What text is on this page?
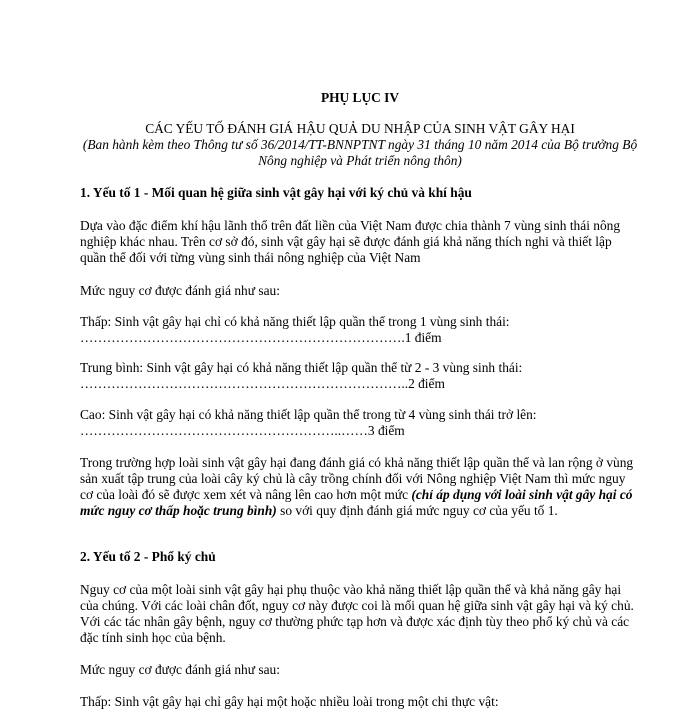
PHỤ LỤC IV

CÁC YẾU TỐ ĐÁNH GIÁ HẬU QUẢ DU NHẬP CỦA SINH VẬT GÂY HẠI

(Ban hành kèm theo Thông tư số 36/2014/TT-BNNPTNT ngày 31 tháng 10 năm 2014 của Bộ trưởng Bộ Nông nghiệp và Phát triển nông thôn)

1. Yếu tố 1 - Mối quan hệ giữa sinh vật gây hại với ký chủ và khí hậu

Dựa vào đặc điểm khí hậu lãnh thổ trên đất liền của Việt Nam được chia thành 7 vùng sinh thái nông nghiệp khác nhau. Trên cơ sở đó, sinh vật gây hại sẽ được đánh giá khả năng thích nghi và thiết lập quần thể đối với từng vùng sinh thái nông nghiệp của Việt Nam

Mức nguy cơ được đánh giá như sau:

Thấp: Sinh vật gây hại chỉ có khả năng thiết lập quần thể trong 1 vùng sinh thái:
……………………………………………………………….1 điểm
Trung bình: Sinh vật gây hại có khả năng thiết lập quần thể từ 2 - 3 vùng sinh thái:
………………………………………………………………..2 điểm
Cao: Sinh vật gây hại có khả năng thiết lập quần thể trong từ 4 vùng sinh thái trở lên:
…………………………………………………..……3 điểm

Trong trường hợp loài sinh vật gây hại đang đánh giá có khả năng thiết lập quần thể và lan rộng ở vùng sản xuất tập trung của loài cây ký chủ là cây trồng chính đối với Nông nghiệp Việt Nam thì mức nguy cơ của loài đó sẽ được xem xét và nâng lên cao hơn một mức (chỉ áp dụng với loài sinh vật gây hại có mức nguy cơ thấp hoặc trung bình) so với quy định đánh giá mức nguy cơ của yếu tố 1.

2. Yếu tố 2 - Phổ ký chủ

Nguy cơ của một loài sinh vật gây hại phụ thuộc vào khả năng thiết lập quần thể và khả năng gây hại của chúng. Với các loài chân đốt, nguy cơ này được coi là mối quan hệ giữa sinh vật gây hại và ký chủ. Với các tác nhân gây bệnh, nguy cơ thường phức tạp hơn và được xác định tùy theo phổ ký chủ và các đặc tính sinh học của bệnh.

Mức nguy cơ được đánh giá như sau:

Thấp: Sinh vật gây hại chỉ gây hại một hoặc nhiều loài trong một chi thực vật:
